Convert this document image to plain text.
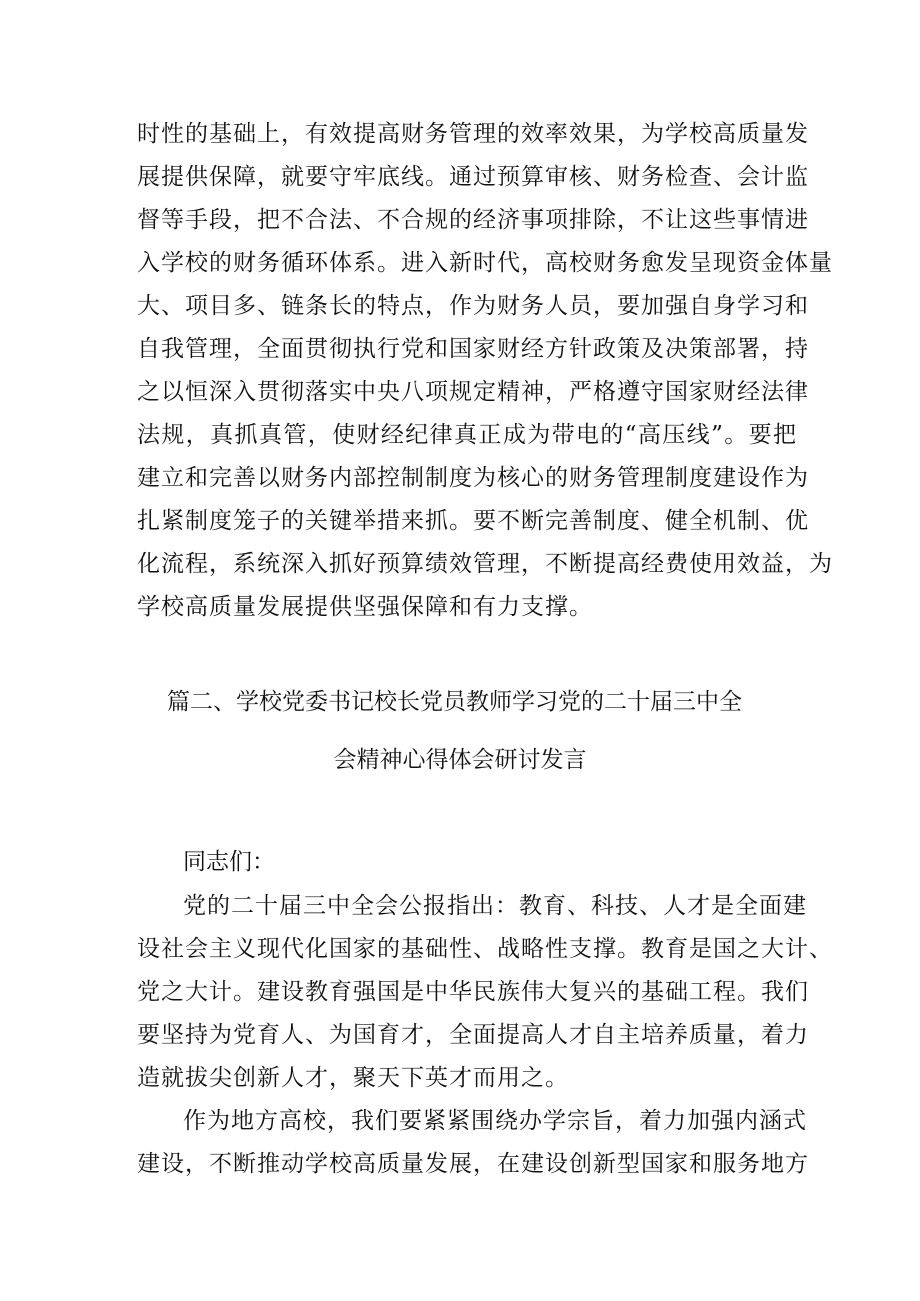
时性的基础上，有效提高财务管理的效率效果，为学校高质量发
展提供保障，就要守牢底线。通过预算审核、财务检查、会计监
督等手段，把不合法、不合规的经济事项排除，不让这些事情进
入学校的财务循环体系。进入新时代，高校财务愈发呈现资金体量
大、项目多、链条长的特点，作为财务人员，要加强自身学习和
自我管理，全面贯彻执行党和国家财经方针政策及决策部署，持
之以恒深入贯彻落实中央八项规定精神，严格遵守国家财经法律
法规，真抓真管，使财经纪律真正成为带电的“高压线”。要把
建立和完善以财务内部控制制度为核心的财务管理制度建设作为
扎紧制度笼子的关键举措来抓。要不断完善制度、健全机制、优
化流程，系统深入抓好预算绩效管理，不断提高经费使用效益，为
学校高质量发展提供坚强保障和有力支撑。
篇二、学校党委书记校长党员教师学习党的二十届三中全
会精神心得体会研讨发言
同志们：
党的二十届三中全会公报指出：教育、科技、人才是全面建
设社会主义现代化国家的基础性、战略性支撑。教育是国之大计、
党之大计。建设教育强国是中华民族伟大复兴的基础工程。我们
要坚持为党育人、为国育才，全面提高人才自主培养质量，着力
造就拔尖创新人才，聚天下英才而用之。
作为地方高校，我们要紧紧围绕办学宗旨，着力加强内涵式
建设，不断推动学校高质量发展，在建设创新型国家和服务地方
